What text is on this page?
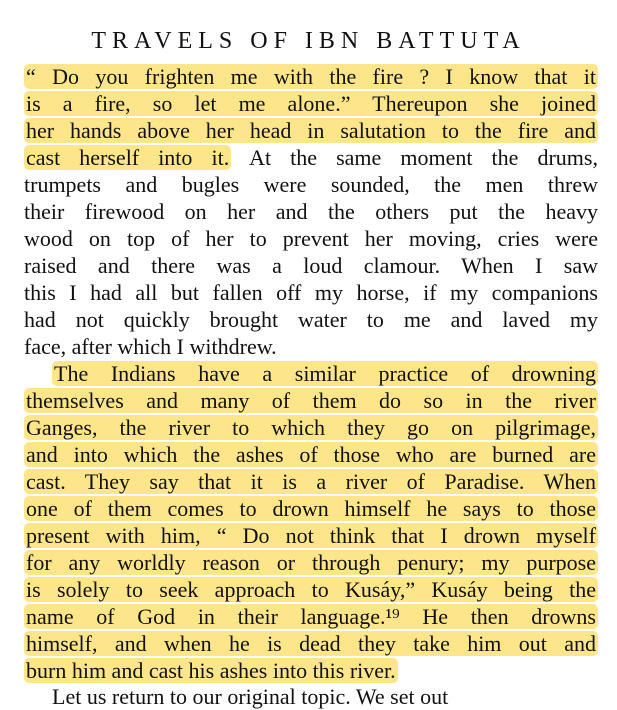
TRAVELS OF IBN BATTUTA
“ Do you frighten me with the fire ? I know that it
is a fire, so let me alone.” Thereupon she joined
her hands above her head in salutation to the fire and
cast herself into it. At the same moment the drums,
trumpets and bugles were sounded, the men threw
their firewood on her and the others put the heavy
wood on top of her to prevent her moving, cries were
raised and there was a loud clamour. When I saw
this I had all but fallen off my horse, if my companions
had not quickly brought water to me and laved my
face, after which I withdrew.
The Indians have a similar practice of drowning
themselves and many of them do so in the river
Ganges, the river to which they go on pilgrimage,
and into which the ashes of those who are burned are
cast. They say that it is a river of Paradise. When
one of them comes to drown himself he says to those
present with him, “ Do not think that I drown myself
for any worldly reason or through penury; my purpose
is solely to seek approach to Kusáy,” Kusáy being the
name of God in their language.¹⁹ He then drowns
himself, and when he is dead they take him out and
burn him and cast his ashes into this river.
Let us return to our original topic. We set out
